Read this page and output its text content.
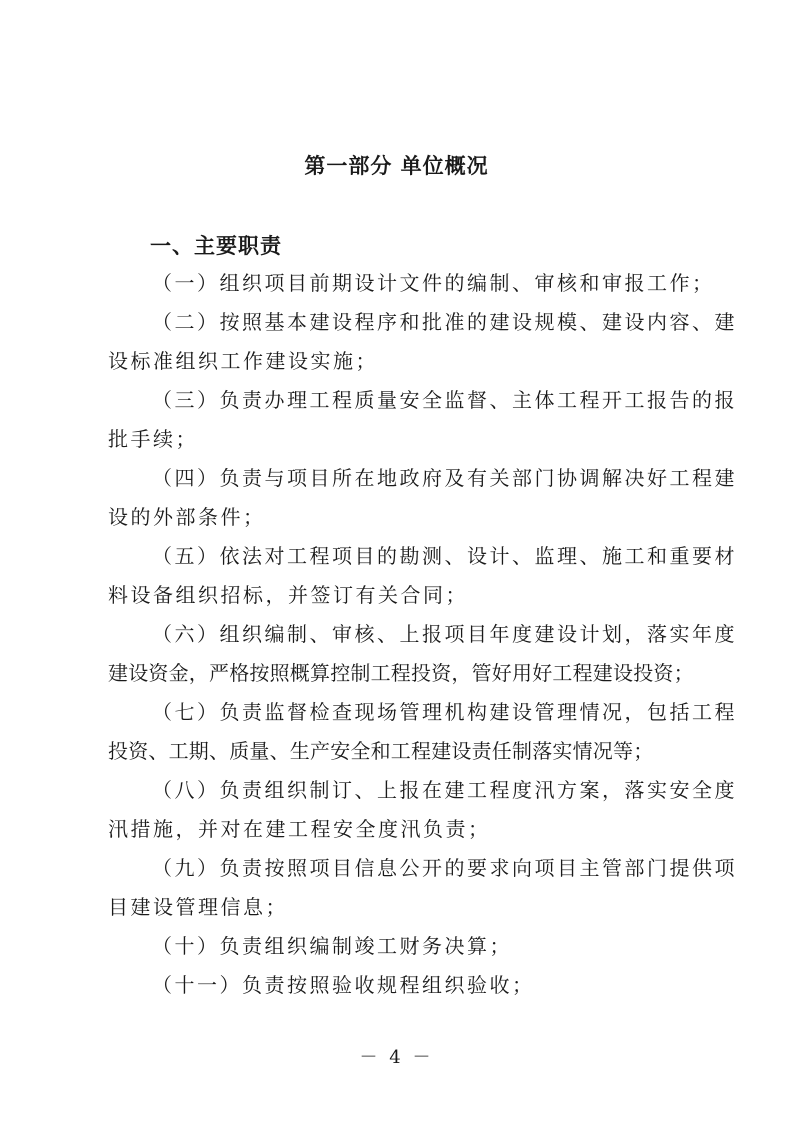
第一部分 单位概况
一、主要职责
（一）组织项目前期设计文件的编制、审核和审报工作；
（二）按照基本建设程序和批准的建设规模、建设内容、建
设标准组织工作建设实施；
（三）负责办理工程质量安全监督、主体工程开工报告的报
批手续；
（四）负责与项目所在地政府及有关部门协调解决好工程建
设的外部条件；
（五）依法对工程项目的勘测、设计、监理、施工和重要材
料设备组织招标，并签订有关合同；
（六）组织编制、审核、上报项目年度建设计划，落实年度
建设资金，严格按照概算控制工程投资，管好用好工程建设投资；
（七）负责监督检查现场管理机构建设管理情况，包括工程
投资、工期、质量、生产安全和工程建设责任制落实情况等；
（八）负责组织制订、上报在建工程度汛方案，落实安全度
汛措施，并对在建工程安全度汛负责；
（九）负责按照项目信息公开的要求向项目主管部门提供项
目建设管理信息；
（十）负责组织编制竣工财务决算；
（十一）负责按照验收规程组织验收；
－ 4 －
